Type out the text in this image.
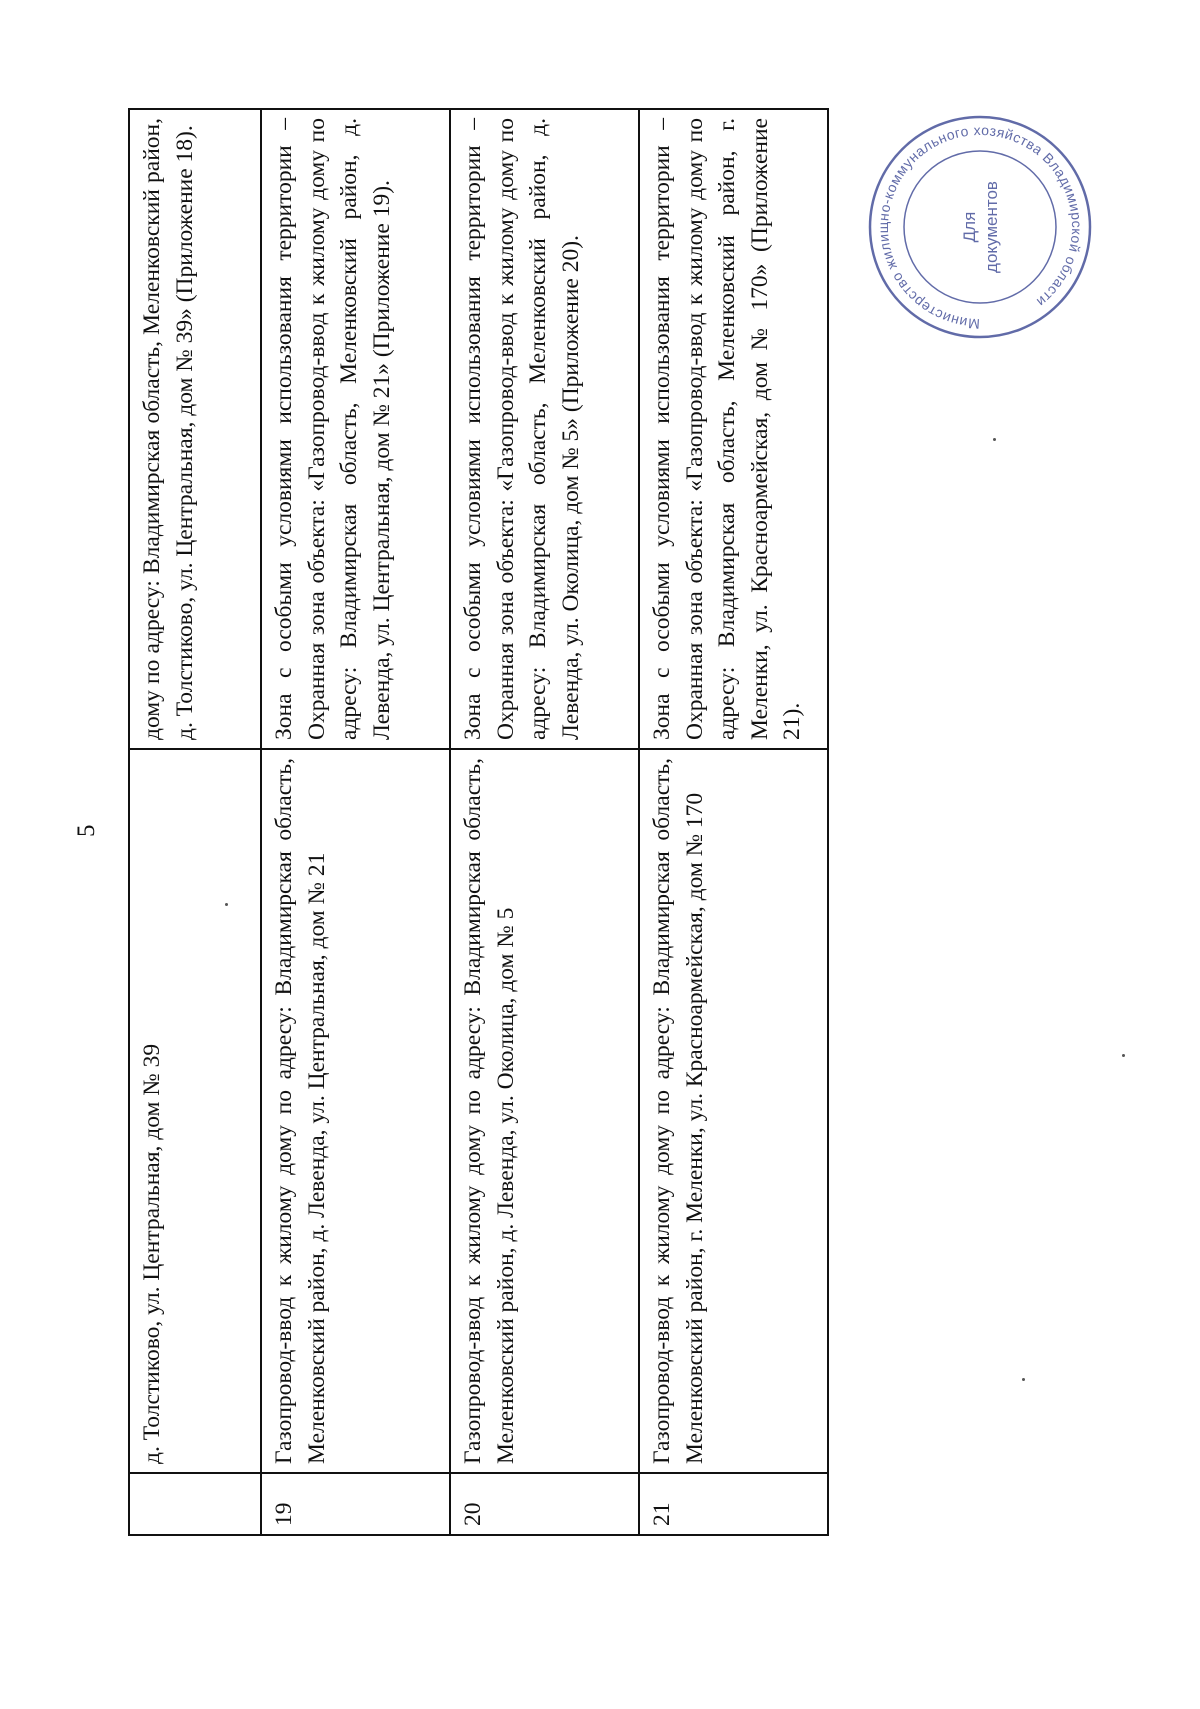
5
	д. Толстиково, ул. Центральная, дом № 39	дому по адресу: Владимирская область, Меленковский район, д. Толстиково, ул. Центральная, дом № 39» (Приложение 18).
19	Газопровод-ввод к жилому дому по адресу: Владимирская область, Меленковский район, д. Левенда, ул. Центральная, дом № 21	Зона с особыми условиями использования территории – Охранная зона объекта: «Газопровод-ввод к жилому дому по адресу: Владимирская область, Меленковский район, д. Левенда, ул. Центральная, дом № 21» (Приложение 19).
20	Газопровод-ввод к жилому дому по адресу: Владимирская область, Меленковский район, д. Левенда, ул. Околица, дом № 5	Зона с особыми условиями использования территории – Охранная зона объекта: «Газопровод-ввод к жилому дому по адресу: Владимирская область, Меленковский район, д. Левенда, ул. Околица, дом № 5» (Приложение 20).
21	Газопровод-ввод к жилому дому по адресу: Владимирская область, Меленковский район, г. Меленки, ул. Красноармейская, дом № 170	Зона с особыми условиями использования территории – Охранная зона объекта: «Газопровод-ввод к жилому дому по адресу: Владимирская область, Меленковский район, г. Меленки, ул. Красноармейская, дом № 170» (Приложение 21).
Министерство жилищно-коммунального хозяйства Владимирской области
Для документов
